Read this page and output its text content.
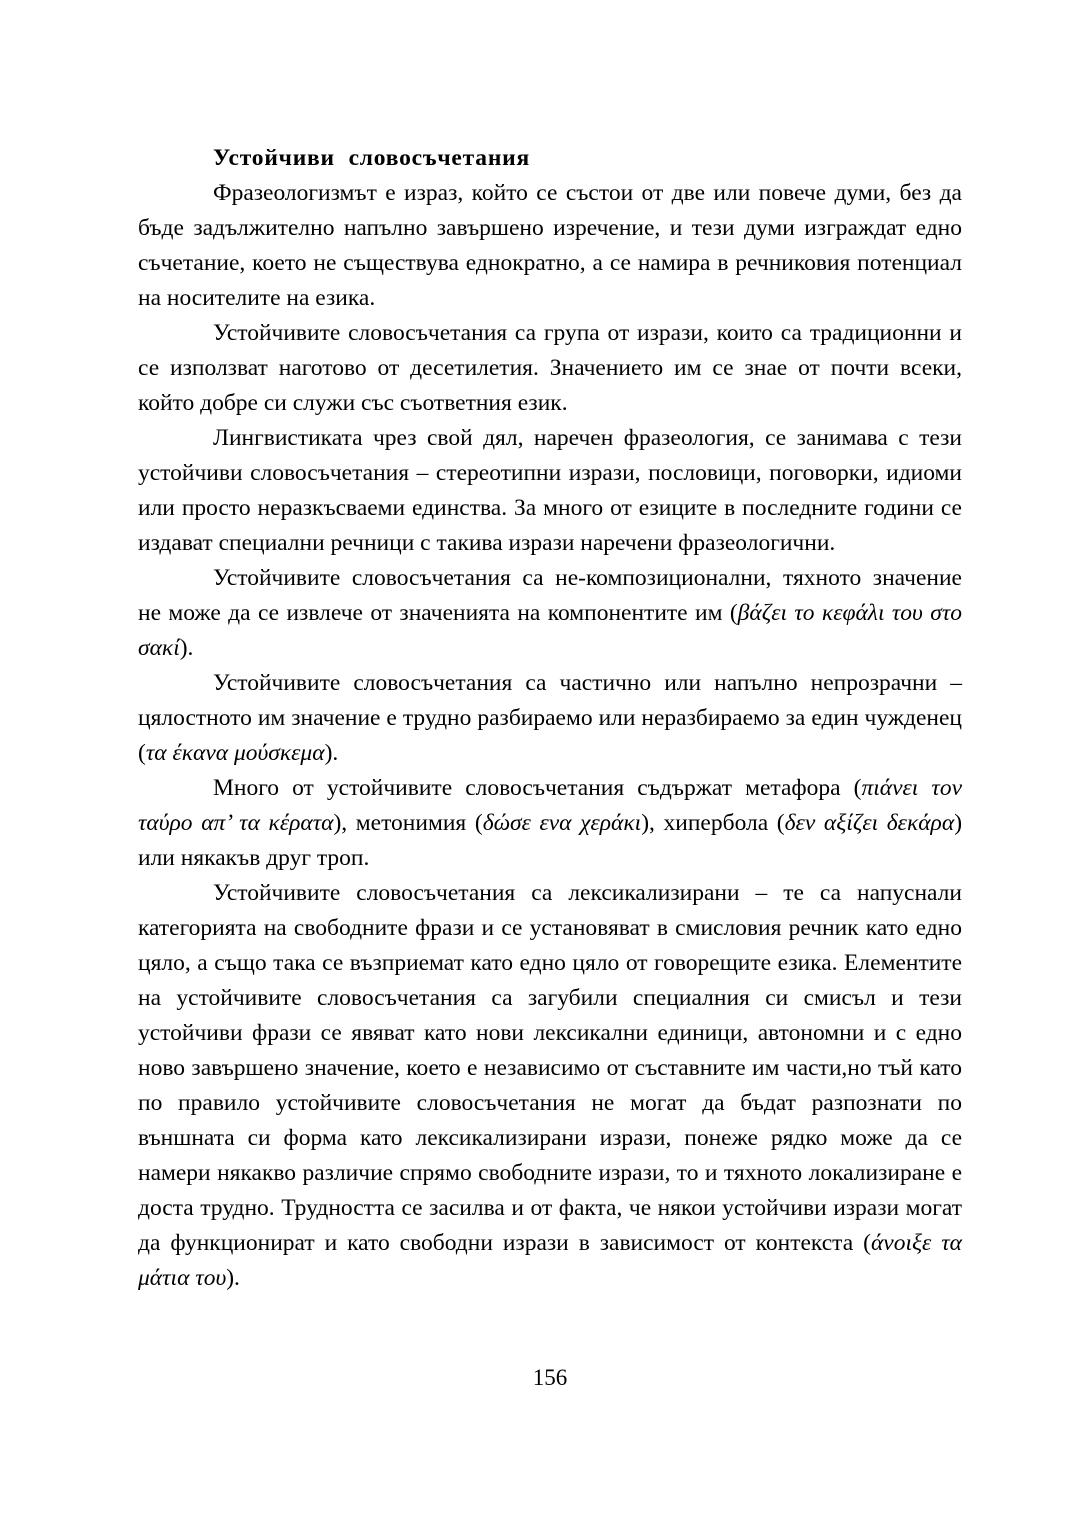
Устойчиви словосъчетания

Фразеологизмът е израз, който се състои от две или повече думи, без да бъде задължително напълно завършено изречение, и тези думи изграждат едно съчетание, което не съществува еднократно, а се намира в речниковия потенциал на носителите на езика.

Устойчивите словосъчетания са група от изрази, които са традиционни и се използват наготово от десетилетия. Значението им се знае от почти всеки, който добре си служи със съответния език.

Лингвистиката чрез свой дял, наречен фразеология, се занимава с тези устойчиви словосъчетания – стереотипни изрази, пословици, поговорки, идиоми или просто неразкъсваеми единства. За много от езиците в последните години се издават специални речници с такива изрази наречени фразеологични.

Устойчивите словосъчетания са не-композиционални, тяхното значение не може да се извлече от значенията на компонентите им (βάζει το κεφάλι του στο σακί).

Устойчивите словосъчетания са частично или напълно непрозрачни – цялостното им значение е трудно разбираемо или неразбираемо за един чужденец (τα έκανα μούσκεμα).

Много от устойчивите словосъчетания съдържат метафора (πιάνει τον ταύρο απ’ τα κέρατα), метонимия (δώσε ενα χεράκι), хипербола (δεν αξίζει δεκάρα) или някакъв друг троп.

Устойчивите словосъчетания са лексикализирани – те са напуснали категорията на свободните фрази и се установяват в смисловия речник като едно цяло, а също така се възприемат като едно цяло от говорещите езика. Елементите на устойчивите словосъчетания са загубили специалния си смисъл и тези устойчиви фрази се явяват като нови лексикални единици, автономни и с едно ново завършено значение, което е независимо от съставните им части,но тъй като по правило устойчивите словосъчетания не могат да бъдат разпознати по външната си форма като лексикализирани изрази, понеже рядко може да се намери някакво различие спрямо свободните изрази, то и тяхното локализиране е доста трудно. Трудността се засилва и от факта, че някои устойчиви изрази могат да функционират и като свободни изрази в зависимост от контекста (άνοιξε τα μάτια του).

156
